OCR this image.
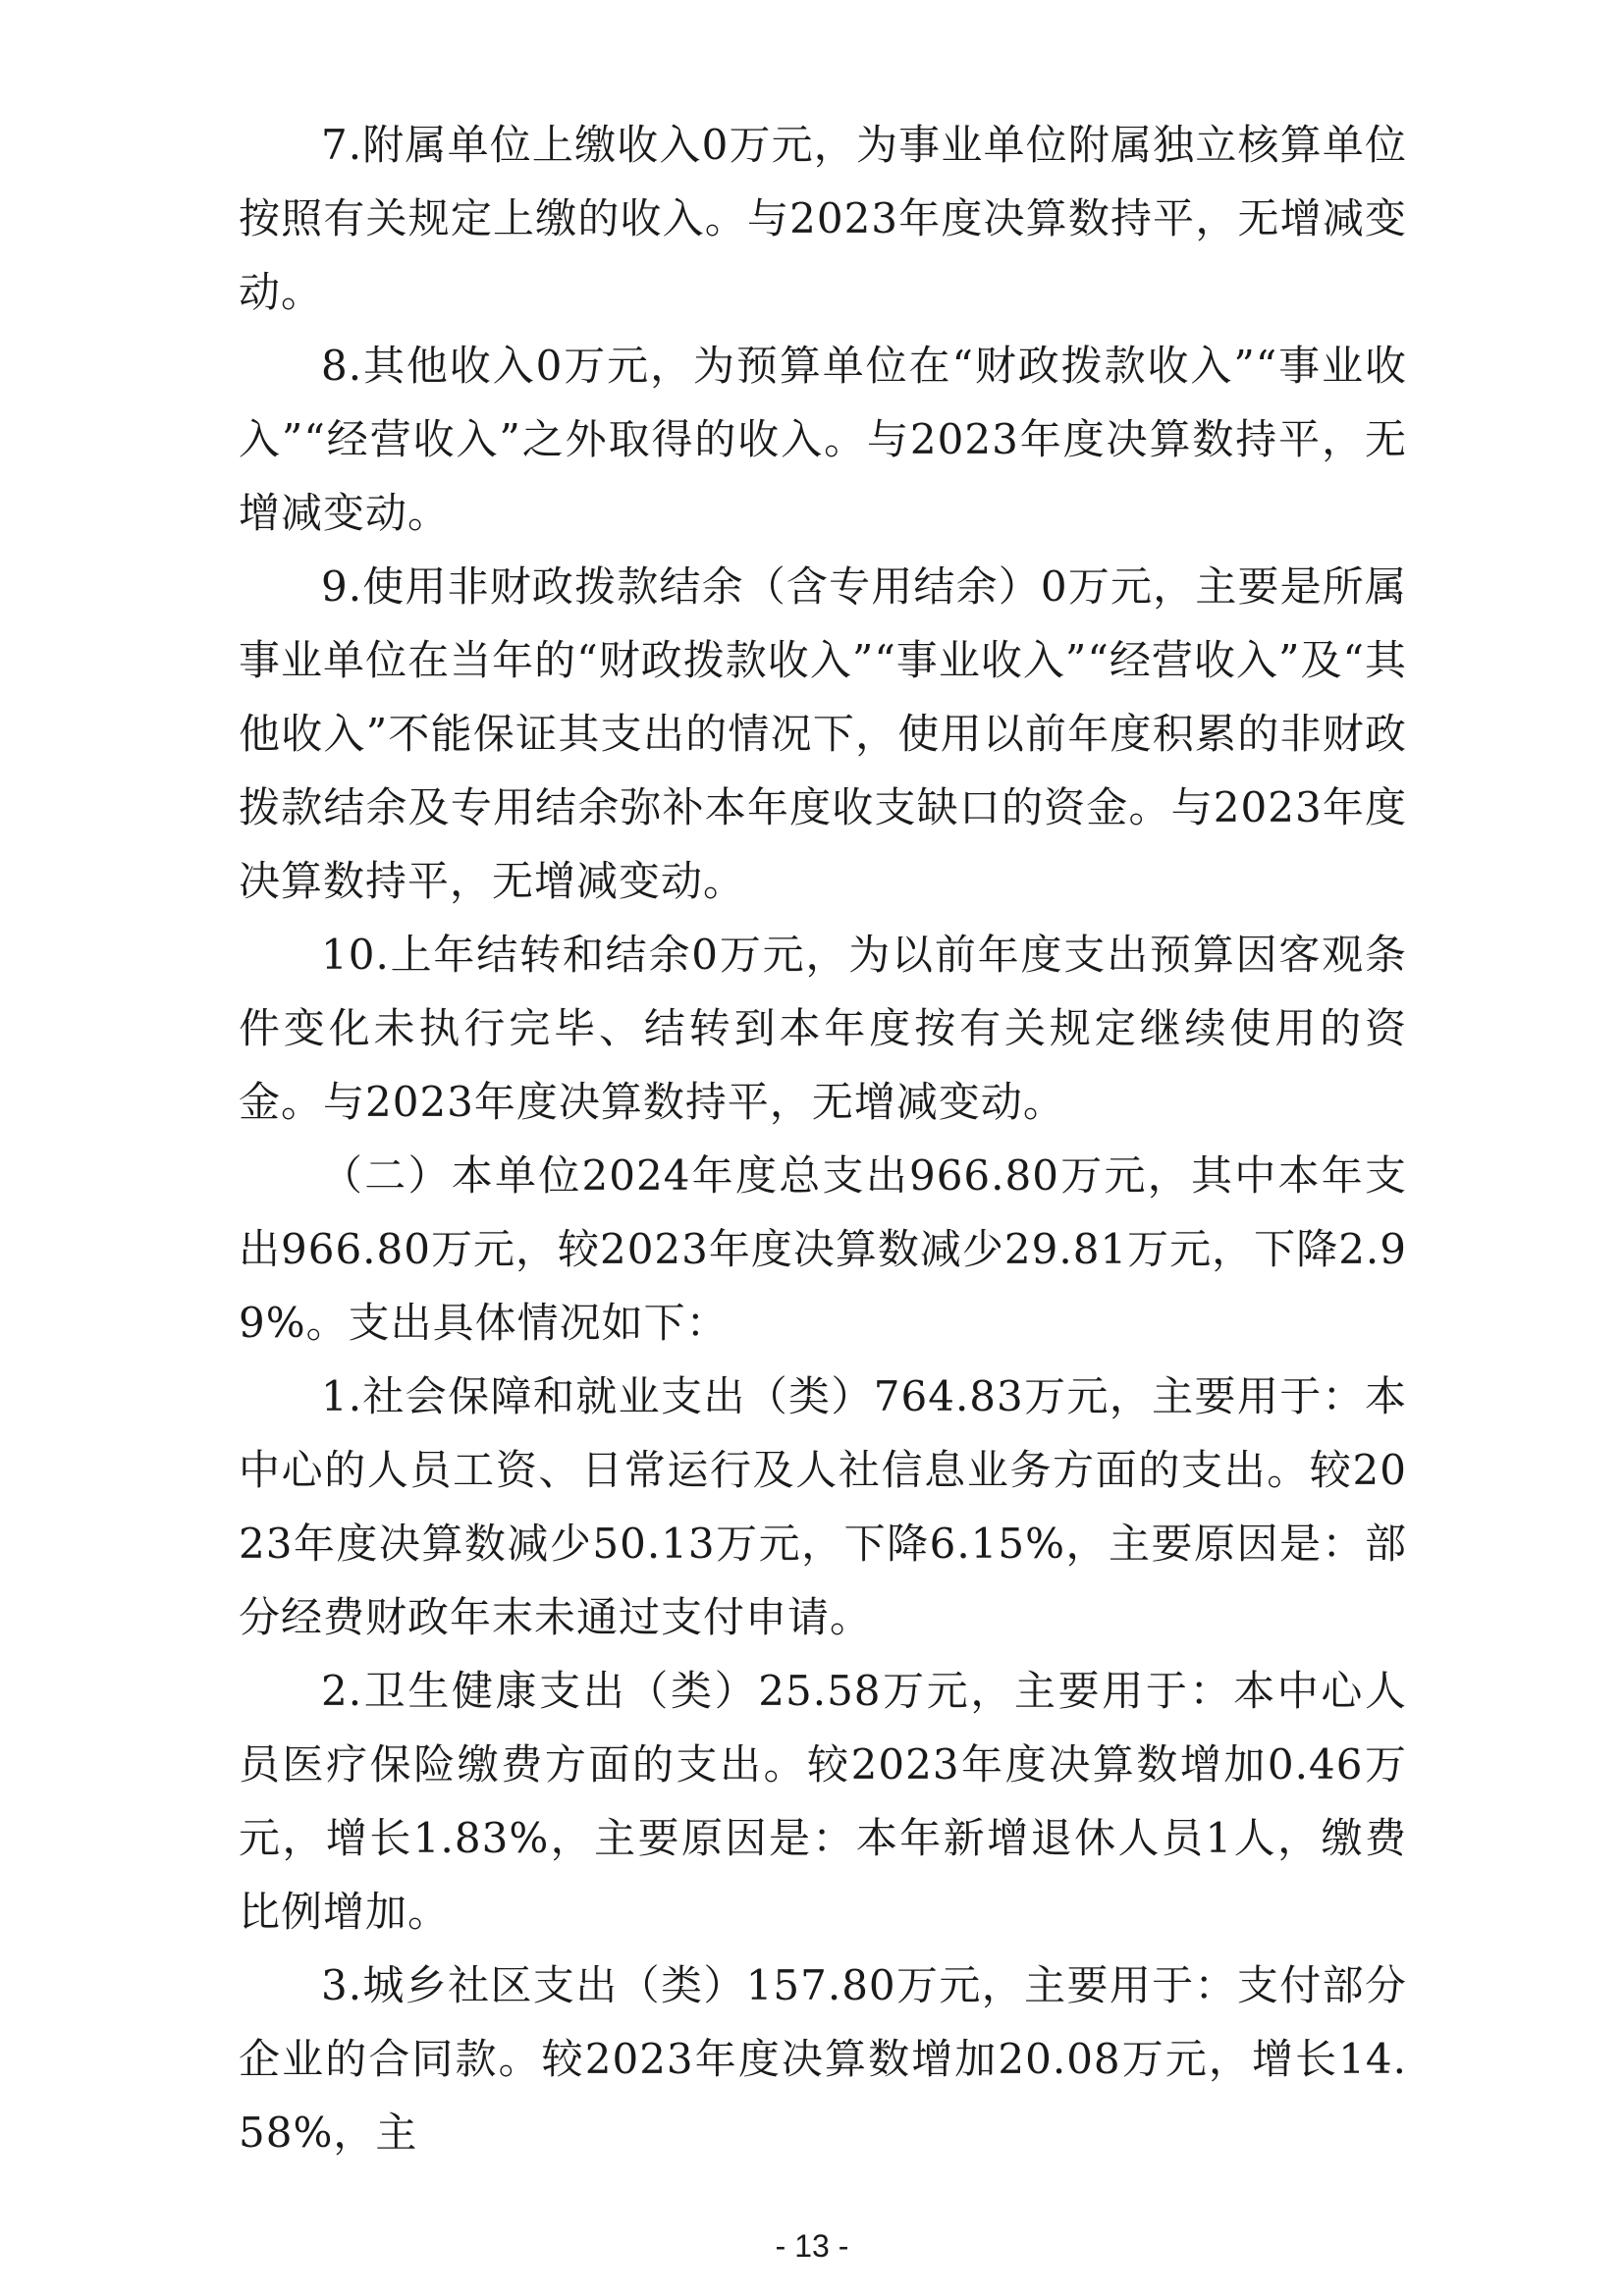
7.附属单位上缴收入0万元，为事业单位附属独立核算单位按照有关规定上缴的收入。与2023年度决算数持平，无增减变动。

8.其他收入0万元，为预算单位在“财政拨款收入”“事业收入”“经营收入”之外取得的收入。与2023年度决算数持平，无增减变动。

9.使用非财政拨款结余（含专用结余）0万元，主要是所属事业单位在当年的“财政拨款收入”“事业收入”“经营收入”及“其他收入”不能保证其支出的情况下，使用以前年度积累的非财政拨款结余及专用结余弥补本年度收支缺口的资金。与2023年度决算数持平，无增减变动。

10.上年结转和结余0万元，为以前年度支出预算因客观条件变化未执行完毕、结转到本年度按有关规定继续使用的资金。与2023年度决算数持平，无增减变动。

（二）本单位2024年度总支出966.80万元，其中本年支出966.80万元，较2023年度决算数减少29.81万元，下降2.99%。支出具体情况如下：

1.社会保障和就业支出（类）764.83万元，主要用于：本中心的人员工资、日常运行及人社信息业务方面的支出。较2023年度决算数减少50.13万元，下降6.15%，主要原因是：部分经费财政年末未通过支付申请。

2.卫生健康支出（类）25.58万元，主要用于：本中心人员医疗保险缴费方面的支出。较2023年度决算数增加0.46万元，增长1.83%，主要原因是：本年新增退休人员1人，缴费比例增加。

3.城乡社区支出（类）157.80万元，主要用于：支付部分企业的合同款。较2023年度决算数增加20.08万元，增长14.58%，主

- 13 -
